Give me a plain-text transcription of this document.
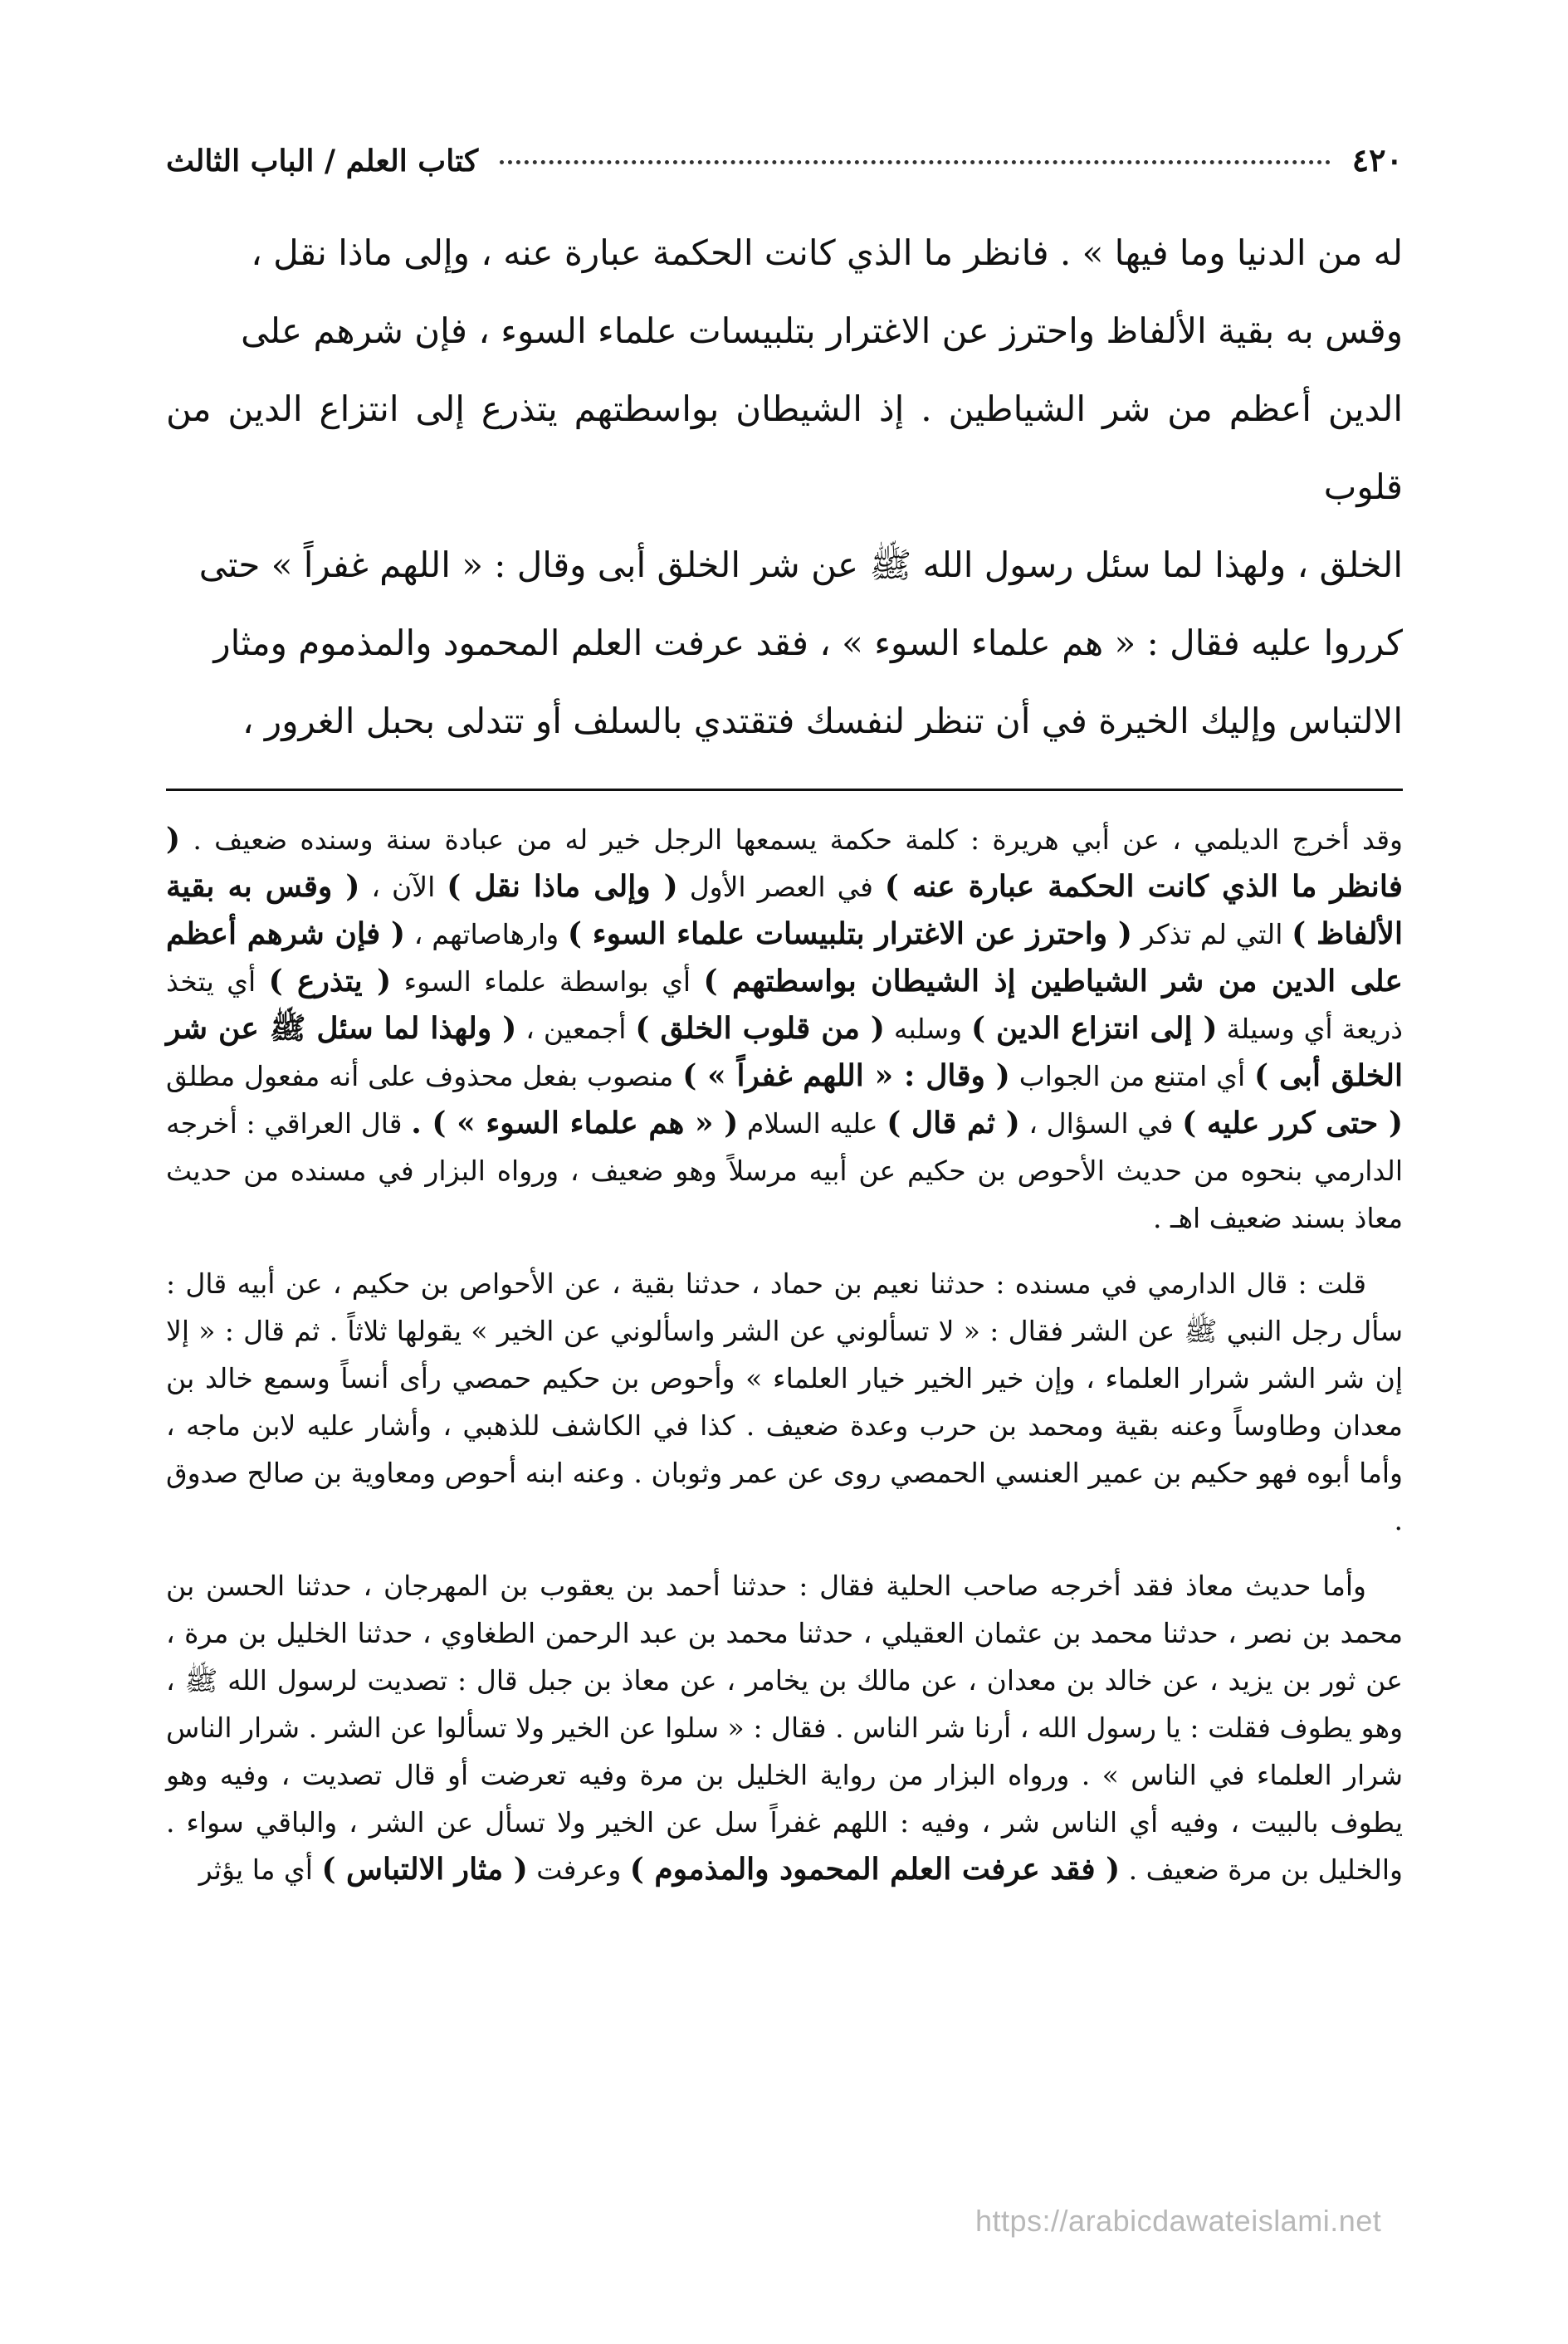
٤٢٠
كتاب العلم / الباب الثالث
له من الدنيا وما فيها » . فانظر ما الذي كانت الحكمة عبارة عنه ، وإلى ماذا نقل ،
وقس به بقية الألفاظ واحترز عن الاغترار بتلبيسات علماء السوء ، فإن شرهم على
الدين أعظم من شر الشياطين . إذ الشيطان بواسطتهم يتذرع إلى انتزاع الدين من قلوب
الخلق ، ولهذا لما سئل رسول الله ﷺ عن شر الخلق أبى وقال : « اللهم غفراً » حتى
كرروا عليه فقال : « هم علماء السوء » ، فقد عرفت العلم المحمود والمذموم ومثار
الالتباس وإليك الخيرة في أن تنظر لنفسك فتقتدي بالسلف أو تتدلى بحبل الغرور ،

وقد أخرج الديلمي ، عن أبي هريرة : كلمة حكمة يسمعها الرجل خير له من عبادة سنة وسنده ضعيف . ( فانظر ما الذي كانت الحكمة عبارة عنه ) في العصر الأول ( وإلى ماذا نقل ) الآن ، ( وقس به بقية الألفاظ ) التي لم تذكر ( واحترز عن الاغترار بتلبيسات علماء السوء ) وارهاصاتهم ، ( فإن شرهم أعظم على الدين من شر الشياطين إذ الشيطان بواسطتهم ) أي بواسطة علماء السوء ( يتذرع ) أي يتخذ ذريعة أي وسيلة ( إلى انتزاع الدين ) وسلبه ( من قلوب الخلق ) أجمعين ، ( ولهذا لما سئل ﷺ عن شر الخلق أبى ) أي امتنع من الجواب ( وقال : « اللهم غفراً » ) منصوب بفعل محذوف على أنه مفعول مطلق ( حتى كرر عليه ) في السؤال ، ( ثم قال ) عليه السلام ( « هم علماء السوء » ) . قال العراقي : أخرجه الدارمي بنحوه من حديث الأحوص بن حكيم عن أبيه مرسلاً وهو ضعيف ، ورواه البزار في مسنده من حديث معاذ بسند ضعيف اهـ .

قلت : قال الدارمي في مسنده : حدثنا نعيم بن حماد ، حدثنا بقية ، عن الأحواص بن حكيم ، عن أبيه قال : سأل رجل النبي ﷺ عن الشر فقال : « لا تسألوني عن الشر واسألوني عن الخير » يقولها ثلاثاً . ثم قال : « إلا إن شر الشر شرار العلماء ، وإن خير الخير خيار العلماء » وأحوص بن حكيم حمصي رأى أنساً وسمع خالد بن معدان وطاوساً وعنه بقية ومحمد بن حرب وعدة ضعيف . كذا في الكاشف للذهبي ، وأشار عليه لابن ماجه ، وأما أبوه فهو حكيم بن عمير العنسي الحمصي روى عن عمر وثوبان . وعنه ابنه أحوص ومعاوية بن صالح صدوق .

وأما حديث معاذ فقد أخرجه صاحب الحلية فقال : حدثنا أحمد بن يعقوب بن المهرجان ، حدثنا الحسن بن محمد بن نصر ، حدثنا محمد بن عثمان العقيلي ، حدثنا محمد بن عبد الرحمن الطغاوي ، حدثنا الخليل بن مرة ، عن ثور بن يزيد ، عن خالد بن معدان ، عن مالك بن يخامر ، عن معاذ بن جبل قال : تصديت لرسول الله ﷺ ، وهو يطوف فقلت : يا رسول الله ، أرنا شر الناس . فقال : « سلوا عن الخير ولا تسألوا عن الشر . شرار الناس شرار العلماء في الناس » . ورواه البزار من رواية الخليل بن مرة وفيه تعرضت أو قال تصديت ، وفيه وهو يطوف بالبيت ، وفيه أي الناس شر ، وفيه : اللهم غفراً سل عن الخير ولا تسأل عن الشر ، والباقي سواء . والخليل بن مرة ضعيف . ( فقد عرفت العلم المحمود والمذموم ) وعرفت ( مثار الالتباس ) أي ما يؤثر

https://arabicdawateislami.net
